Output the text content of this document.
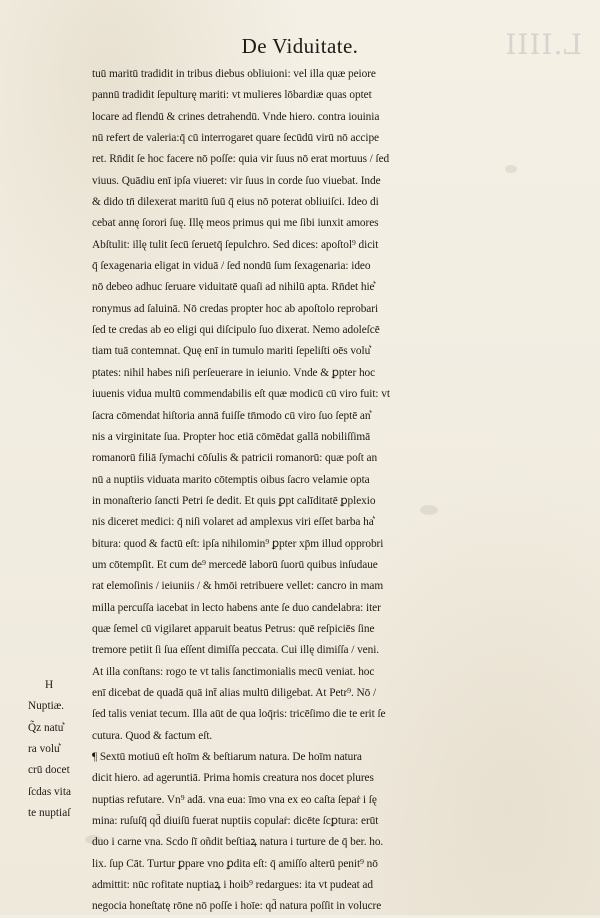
L.IIII
De Viduitate.
tuū maritū tradidit in tribus diebus obliuioni: vel illa quæ peiore
pannū tradidit ſepulturę mariti: vt mulieres lōbardiæ quas optet
locare ad flendū & crines detrahendū. Vnde hiero. contra iouinia
nū refert de valeria:q̄ cū interrogaret quare ſecūdū virū nō accipe
ret. Rn̄dit ſe hoc facere nō poſſe: quia vir ſuus nō erat mortuus / ſed
viuus. Quādiu enī ipſa viueret: vir ſuus in corde ſuo viuebat. Inde
& dido tn̄ dilexerat maritū ſuū q̄ eius nō poterat obliuiſci. Ideo di
cebat annę ſorori ſuę. Illę meos primus qui me ſibi iunxit amores
Abſtulit: illę tulit ſecū ſeruetq̄ ſepulchro. Sed dices: apoſtol⁹ dicit
q̄ ſexagenaria eligat in viduā / ſed nondū ſum ſexagenaria: ideo
nō debeo adhuc ſeruare viduitatē quaſi ad nihilū apta. Rn̄det hie͛
ronymus ad ſaluinā. Nō credas propter hoc ab apoſtolo reprobari
ſed te credas ab eo eligi qui diſcipulo ſuo dixerat. Nemo adoleſcē
tiam tuā contemnat. Quę enī in tumulo mariti ſepeliſti oēs volu͛
ptates: nihil habes niſi perſeuerare in ieiunio. Vnde & ꝑpter hoc
iuuenis vidua multū commendabilis eſt quæ modicū cū viro fuit: vt
ſacra cōmendat hiſtoria annā fuiſſe tn̄modo cū viro ſuo ſeptē an͛
nis a virginitate ſua. Propter hoc etiā cōmēdat gallā nobiliſſimā
romanorū filiā ſymachi cōſulis & patricii romanorū: quæ poſt an
nū a nuptiis viduata marito cōtemptis oibus ſacro velamie opta
in monaſterio ſancti Petri ſe dedit. Et quis ꝑpt calīditatē ꝑplexio
nis diceret medici: q̄ niſi volaret ad amplexus viri eſſet barba ha͛
bitura: quod & factū eſt: ipſa nihilomin⁹ ꝑpter xp̄m illud opprobri
um cōtempſit. Et cum de⁹ mercedē laborū ſuorū quibus inſudaue
rat elemoſinis / ieiuniis / & hmōi retribuere vellet: cancro in mam
milla percuſſa iacebat in lecto habens ante ſe duo candelabra: iter
quæ ſemel cū vigilaret apparuit beatus Petrus: quē reſpiciēs ſine
tremore petiit ſi ſua eſſent dimiſſa peccata. Cui illę dimiſſa / veni.
At illa conſtans: rogo te vt talis ſanctimonialis mecū veniat. hoc
enī dicebat de quadā quā int̄ alias multū diligebat. At Petr⁹. Nō /
ſed talis veniat tecum. Illa aūt de qua loq̄ris: tricēſimo die te erit ſe
cutura. Quod & factum eſt.
¶ Sextū motiuū eſt hoīm & beſtiarum natura. De hoīm natura
dicit hiero. ad ageruntiā. Prima homis creatura nos docet plures
nuptias refutare. Vn⁹ adā. vna eua: īmo vna ex eo caſta ſepaṙ i ſę
mina: ruſuſq̄ qd̄ diuiſū fuerat nuptiis copulaṙ: dicēte ſcꝑtura: erūt
duo i carne vna. Scdo ſī oñdit beſtiaꝝ natura i turture de q̄ ber. ho.
lix. ſup Cāt. Turtur ꝑpare vno ꝑdita eſt: q̄ amiſſo alterū penit⁹ nō
admittit: nūc rofitate nuptiaꝝ i hoib⁹ redargues: ita vt pudeat ad
negocia honeſtatę rōne nō poſſe i hoīe: qd̄ natura poſſit in volucre
H
Nuptiæ.
Q̃z natu͛
ra volu͛
crū docet
ſcdas vita
te nuptiaſ
